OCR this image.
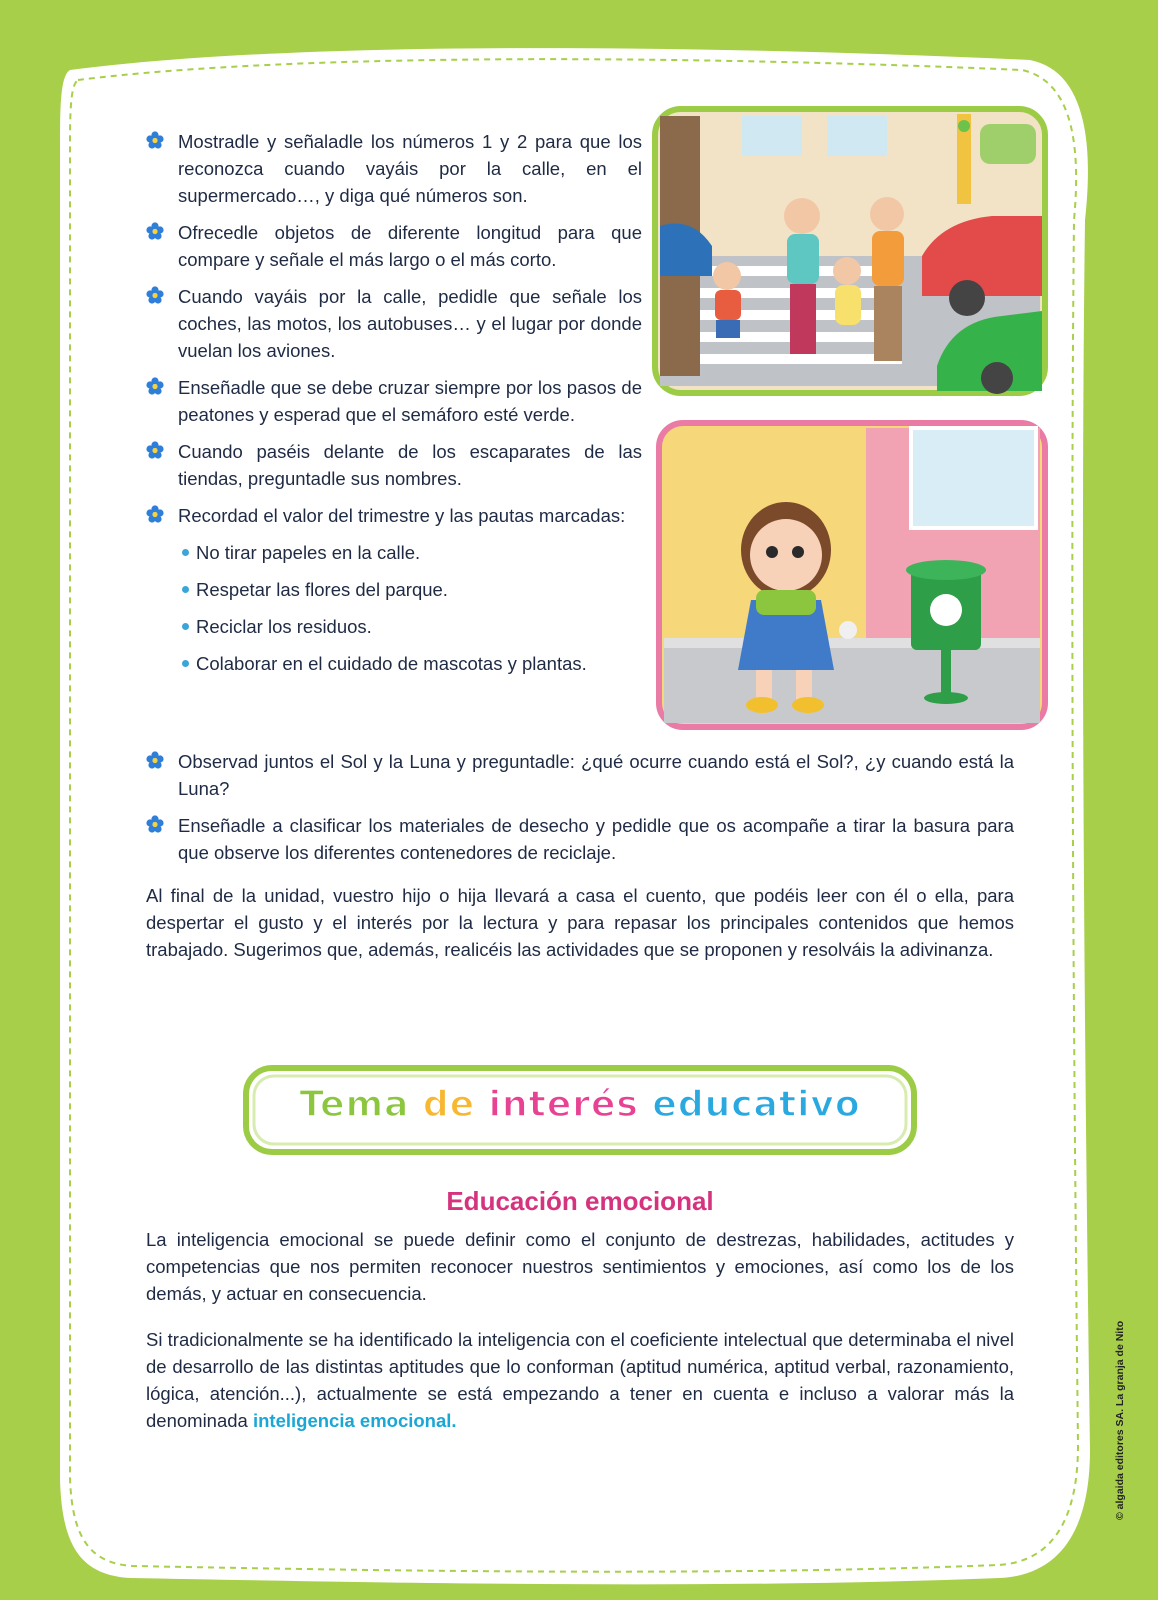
Mostradle y señaladle los números 1 y 2 para que los reconozca cuando vayáis por la calle, en el supermercado…, y diga qué números son.
Ofrecedle objetos de diferente longitud para que compare y señale el más largo o el más corto.
Cuando vayáis por la calle, pedidle que señale los coches, las motos, los autobuses… y el lugar por donde vuelan los aviones.
Enseñadle que se debe cruzar siempre por los pasos de peatones y esperad que el semáforo esté verde.
Cuando paséis delante de los escaparates de las tiendas, preguntadle sus nombres.
Recordad el valor del trimestre y las pautas marcadas:
No tirar papeles en la calle.
Respetar las flores del parque.
Reciclar los residuos.
Colaborar en el cuidado de mascotas y plantas.
Observad juntos el Sol y la Luna y preguntadle: ¿qué ocurre cuando está el Sol?, ¿y cuando está la Luna?
Enseñadle a clasificar los materiales de desecho y pedidle que os acompañe a tirar la basura para que observe los diferentes contenedores de reciclaje.
Al final de la unidad, vuestro hijo o hija llevará a casa el cuento, que podéis leer con él o ella, para despertar el gusto y el interés por la lectura y para repasar los principales contenidos que hemos trabajado. Sugerimos que, además, realicéis las actividades que se proponen y resolváis la adivinanza.
Tema de interés educativo
Educación emocional
La inteligencia emocional se puede definir como el conjunto de destrezas, habilidades, actitudes y competencias que nos permiten reconocer nuestros sentimientos y emociones, así como los de los demás, y actuar en consecuencia.
Si tradicionalmente se ha identificado la inteligencia con el coeficiente intelectual que determinaba el nivel de desarrollo de las distintas aptitudes que lo conforman (aptitud numérica, aptitud verbal, razonamiento, lógica, atención...), actualmente se está empezando a tener en cuenta e incluso a valorar más la denominada inteligencia emocional.	© algaida editores SA. La granja de Nito
